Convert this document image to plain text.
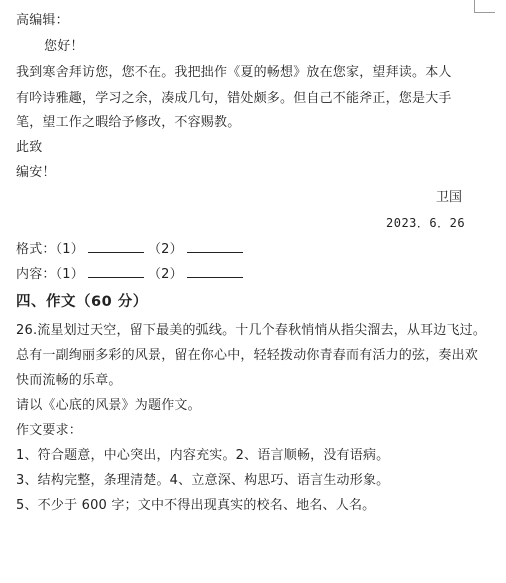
高编辑：
您好！
我到寒舍拜访您，您不在。我把拙作《夏的畅想》放在您家，望拜读。本人
有吟诗雅趣，学习之余，凑成几句，错处颇多。但自己不能斧正，您是大手
笔，望工作之暇给予修改，不容赐教。
此致
编安！
卫国
2023．6．26
格式：（1）	（2）
内容：（1）	（2）
四、作文（60 分）
26.流星划过天空，留下最美的弧线。十几个春秋悄悄从指尖溜去，从耳边飞过。
总有一副绚丽多彩的风景，留在你心中，轻轻拨动你青春而有活力的弦，奏出欢
快而流畅的乐章。
请以《心底的风景》为题作文。
作文要求：
1、符合题意，中心突出，内容充实。2、语言顺畅，没有语病。
3、结构完整，条理清楚。4、立意深、构思巧、语言生动形象。
5、不少于 600 字；文中不得出现真实的校名、地名、人名。
